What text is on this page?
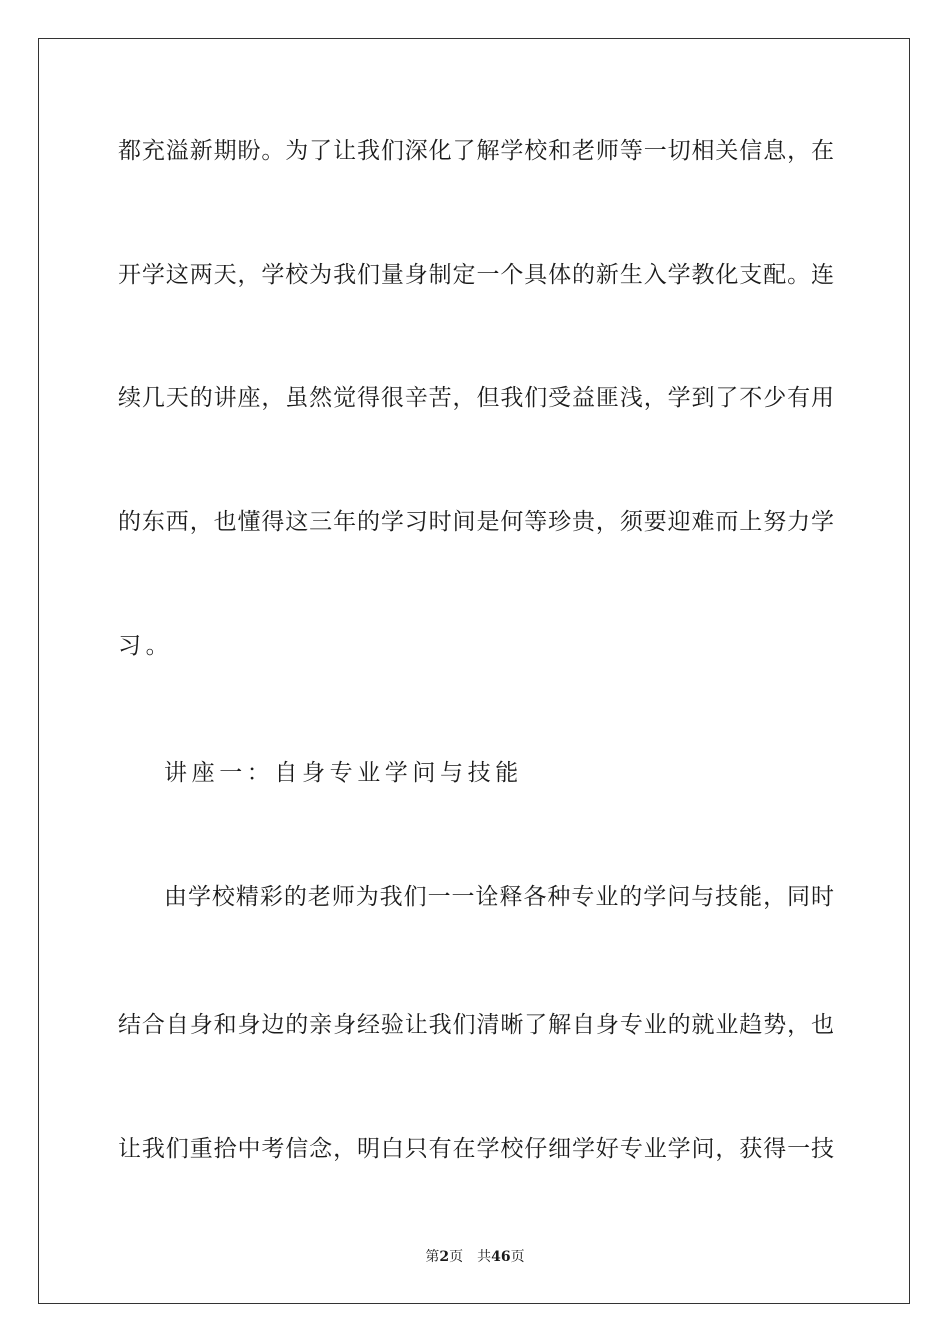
都充溢新期盼。为了让我们深化了解学校和老师等一切相关信息，在
开学这两天，学校为我们量身制定一个具体的新生入学教化支配。连
续几天的讲座，虽然觉得很辛苦，但我们受益匪浅，学到了不少有用
的东西，也懂得这三年的学习时间是何等珍贵，须要迎难而上努力学
习。
讲座一：自身专业学问与技能
由学校精彩的老师为我们一一诠释各种专业的学问与技能，同时
结合自身和身边的亲身经验让我们清晰了解自身专业的就业趋势，也
让我们重拾中考信念，明白只有在学校仔细学好专业学问，获得一技
第2页 共46页
